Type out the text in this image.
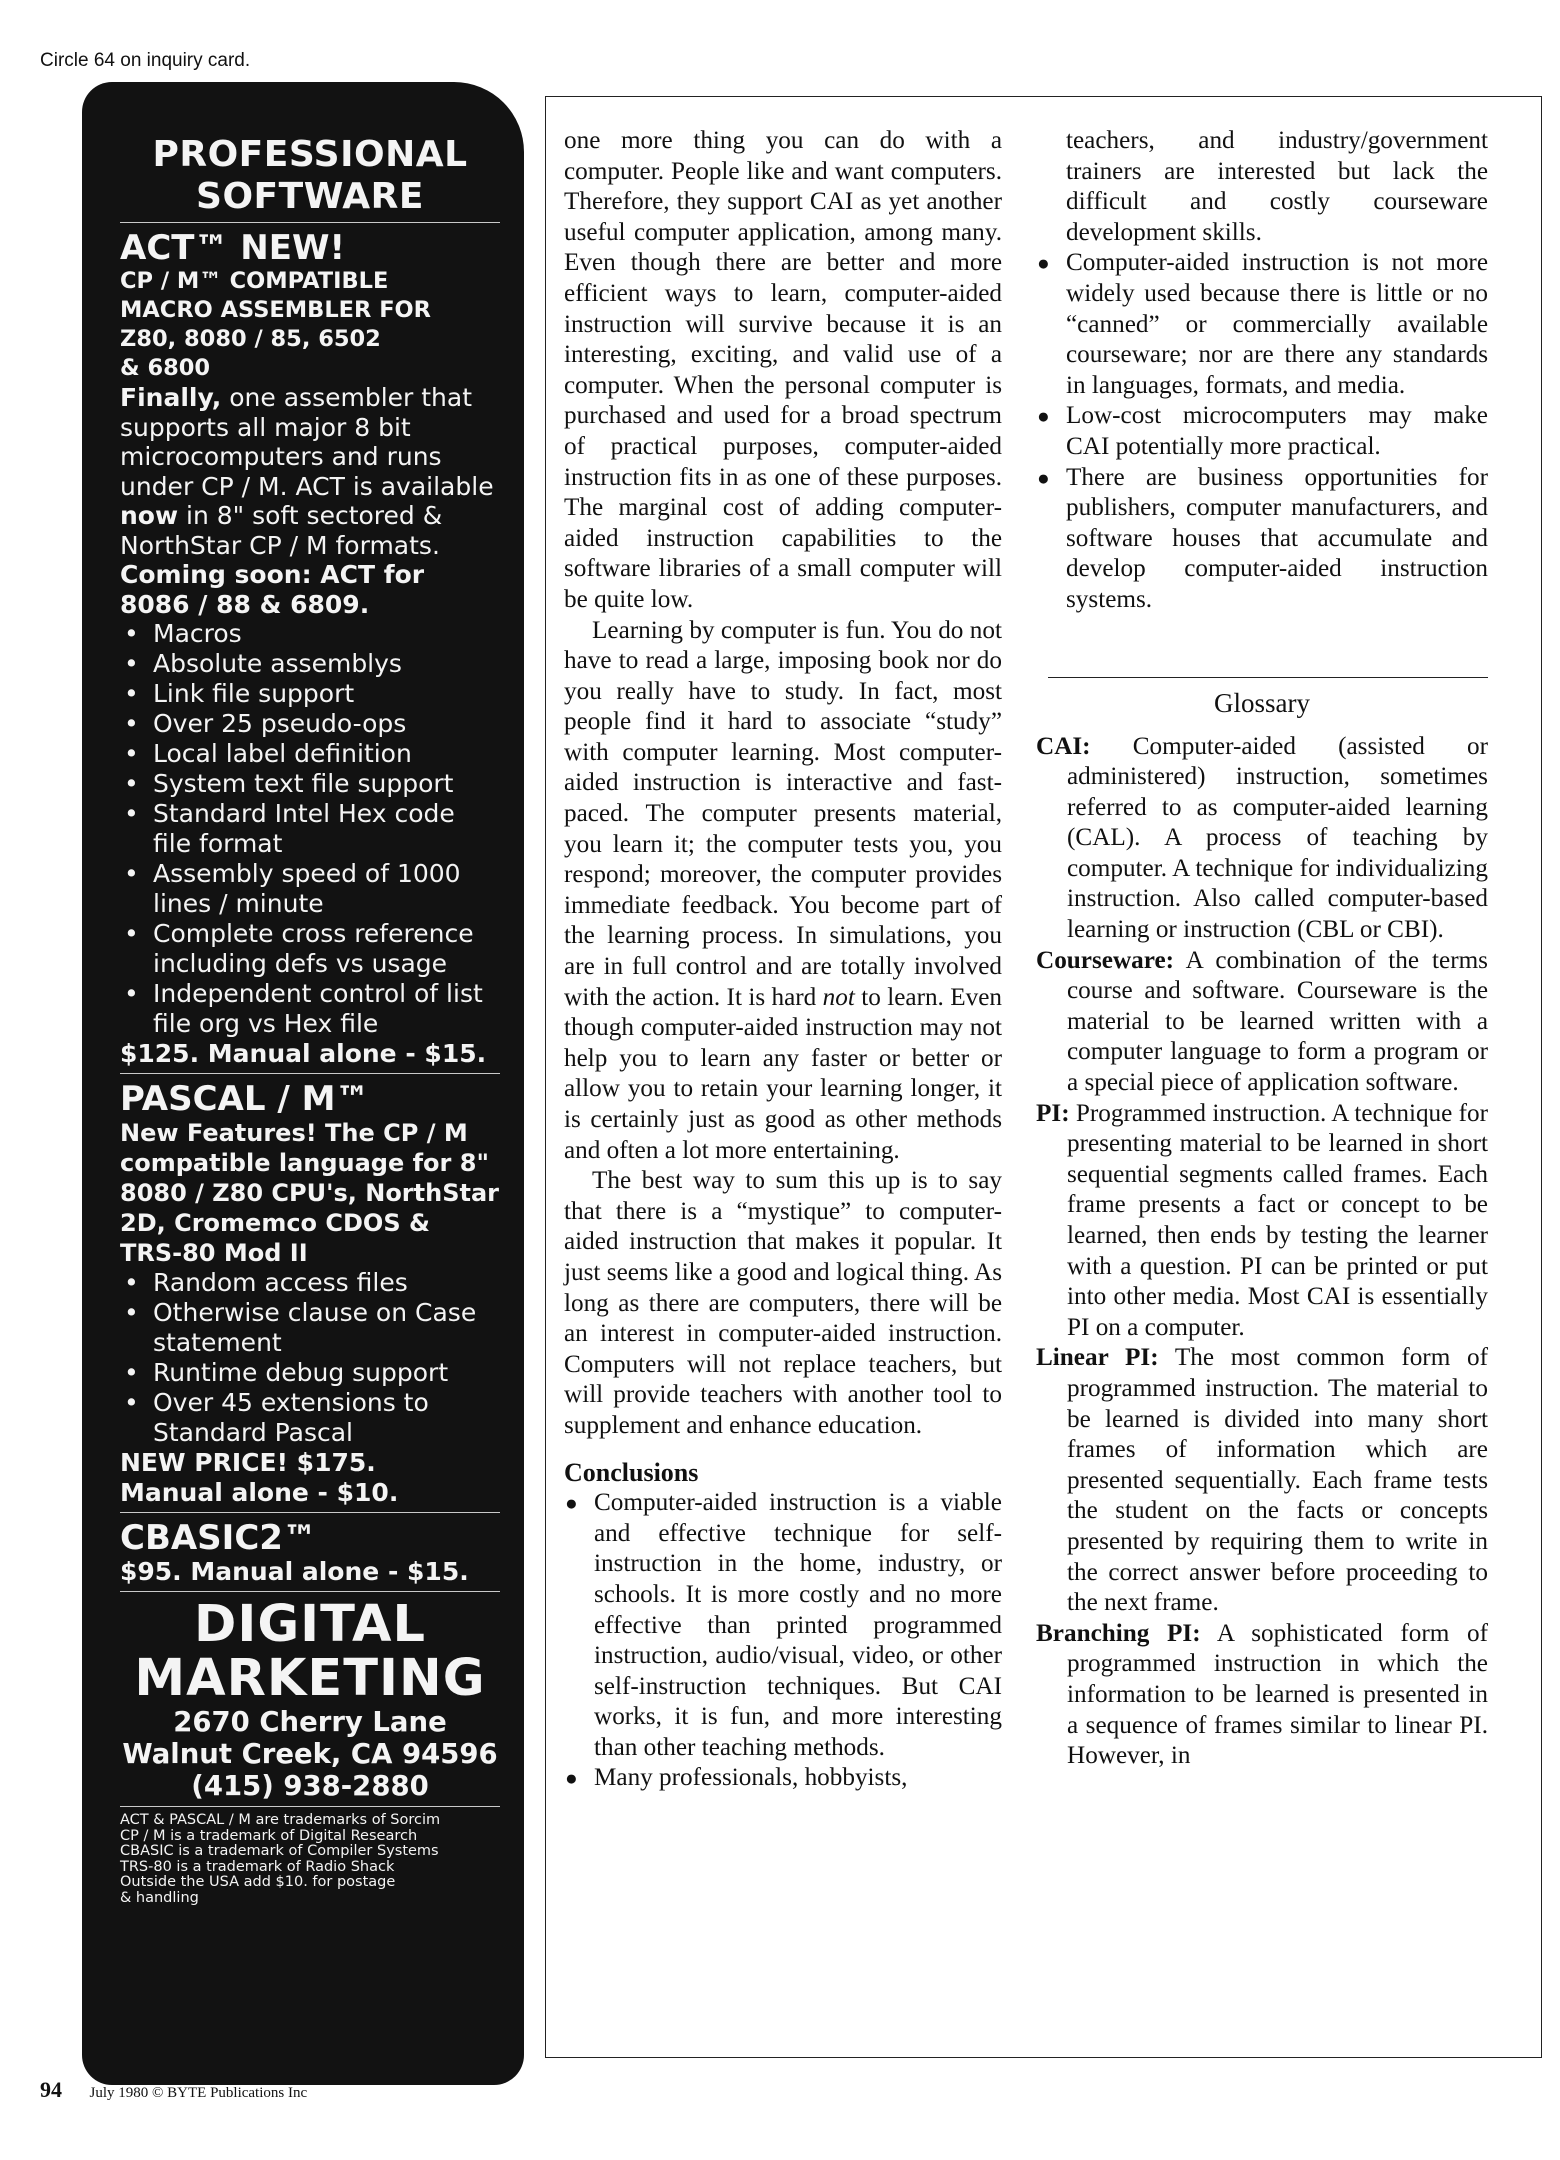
Circle 64 on inquiry card.
PROFESSIONAL
SOFTWARE
ACT™ NEW!
CP / M™ COMPATIBLE
MACRO ASSEMBLER FOR
Z80, 8080 / 85, 6502
& 6800
Finally, one assembler that supports all major 8 bit microcomputers and runs under CP / M. ACT is available now in 8" soft sectored & NorthStar CP / M formats. Coming soon: ACT for 8086 / 88 & 6809.
• Macros
• Absolute assemblys
• Link file support
• Over 25 pseudo-ops
• Local label definition
• System text file support
• Standard Intel Hex code file format
• Assembly speed of 1000 lines / minute
• Complete cross reference including defs vs usage
• Independent control of list file org vs Hex file
$125. Manual alone - $15.
PASCAL / M™
New Features! The CP / M compatible language for 8" 8080 / Z80 CPU's, NorthStar 2D, Cromemco CDOS & TRS-80 Mod II
• Random access files
• Otherwise clause on Case statement
• Runtime debug support
• Over 45 extensions to Standard Pascal
NEW PRICE! $175.
Manual alone - $10.
CBASIC2™
$95. Manual alone - $15.
DIGITAL
MARKETING
2670 Cherry Lane
Walnut Creek, CA 94596
(415) 938-2880
ACT & PASCAL / M are trademarks of Sorcim
CP / M is a trademark of Digital Research
CBASIC is a trademark of Compiler Systems
TRS-80 is a trademark of Radio Shack
Outside the USA add $10. for postage
& handling

one more thing you can do with a computer. People like and want computers. Therefore, they support CAI as yet another useful computer application, among many. Even though there are better and more efficient ways to learn, computer-aided instruction will survive because it is an interesting, exciting, and valid use of a computer. When the personal computer is purchased and used for a broad spectrum of practical purposes, computer-aided instruction fits in as one of these purposes. The marginal cost of adding computer-aided instruction capabilities to the software libraries of a small computer will be quite low.

Learning by computer is fun. You do not have to read a large, imposing book nor do you really have to study. In fact, most people find it hard to associate “study” with computer learning. Most computer-aided instruction is interactive and fast-paced. The computer presents material, you learn it; the computer tests you, you respond; moreover, the computer provides immediate feedback. You become part of the learning process. In simulations, you are in full control and are totally involved with the action. It is hard not to learn. Even though computer-aided instruction may not help you to learn any faster or better or allow you to retain your learning longer, it is certainly just as good as other methods and often a lot more entertaining.

The best way to sum this up is to say that there is a “mystique” to computer-aided instruction that makes it popular. It just seems like a good and logical thing. As long as there are computers, there will be an interest in computer-aided instruction. Computers will not replace teachers, but will provide teachers with another tool to supplement and enhance education.

Conclusions

● Computer-aided instruction is a viable and effective technique for self-instruction in the home, industry, or schools. It is more costly and no more effective than printed programmed instruction, audio/visual, video, or other self-instruction techniques. But CAI works, it is fun, and more interesting than other teaching methods.

● Many professionals, hobbyists,

teachers, and industry/government trainers are interested but lack the difficult and costly courseware development skills.

● Computer-aided instruction is not more widely used because there is little or no “canned” or commercially available courseware; nor are there any standards in languages, formats, and media.

● Low-cost microcomputers may make CAI potentially more practical.

● There are business opportunities for publishers, computer manufacturers, and software houses that accumulate and develop computer-aided instruction systems.

Glossary

CAI: Computer-aided (assisted or administered) instruction, sometimes referred to as computer-aided learning (CAL). A process of teaching by computer. A technique for individualizing instruction. Also called computer-based learning or instruction (CBL or CBI).

Courseware: A combination of the terms course and software. Courseware is the material to be learned written with a computer language to form a program or a special piece of application software.

PI: Programmed instruction. A technique for presenting material to be learned in short sequential segments called frames. Each frame presents a fact or concept to be learned, then ends by testing the learner with a question. PI can be printed or put into other media. Most CAI is essentially PI on a computer.

Linear PI: The most common form of programmed instruction. The material to be learned is divided into many short frames of information which are presented sequentially. Each frame tests the student on the facts or concepts presented by requiring them to write in the correct answer before proceeding to the next frame.

Branching PI: A sophisticated form of programmed instruction in which the information to be learned is presented in a sequence of frames similar to linear PI. However, in

94 July 1980 © BYTE Publications Inc
